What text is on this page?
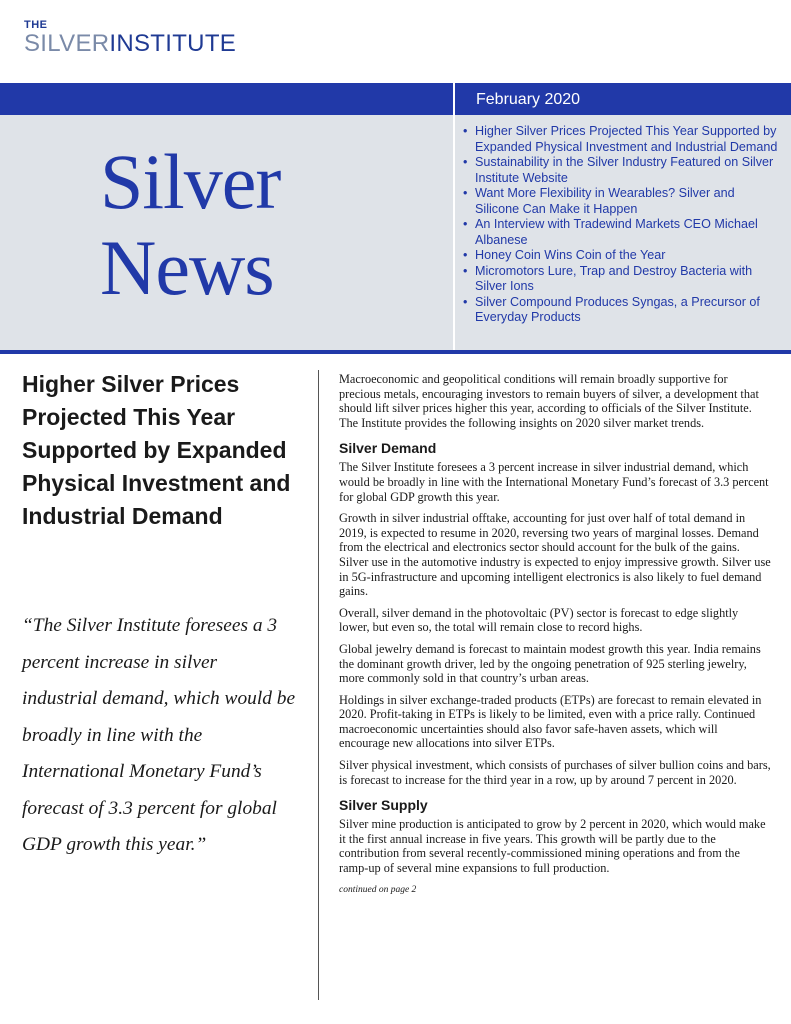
THE
SILVERINSTITUTE
February 2020
Silver
News
• Higher Silver Prices Projected This Year Supported by Expanded Physical Investment and Industrial Demand
• Sustainability in the Silver Industry Featured on Silver Institute Website
• Want More Flexibility in Wearables? Silver and Silicone Can Make it Happen
• An Interview with Tradewind Markets CEO Michael Albanese
• Honey Coin Wins Coin of the Year
• Micromotors Lure, Trap and Destroy Bacteria with Silver Ions
• Silver Compound Produces Syngas, a Precursor of Everyday Products
Higher Silver Prices Projected This Year Supported by Expanded Physical Investment and Industrial Demand
“The Silver Institute foresees a 3 percent increase in silver industrial demand, which would be broadly in line with the International Monetary Fund’s forecast of 3.3 percent for global GDP growth this year.”

Macroeconomic and geopolitical conditions will remain broadly supportive for precious metals, encouraging investors to remain buyers of silver, a development that should lift silver prices higher this year, according to officials of the Silver Institute. The Institute provides the following insights on 2020 silver market trends.

Silver Demand

The Silver Institute foresees a 3 percent increase in silver industrial demand, which would be broadly in line with the International Monetary Fund’s forecast of 3.3 percent for global GDP growth this year.

Growth in silver industrial offtake, accounting for just over half of total demand in 2019, is expected to resume in 2020, reversing two years of marginal losses. Demand from the electrical and electronics sector should account for the bulk of the gains. Silver use in the automotive industry is expected to enjoy impressive growth. Silver use in 5G-infrastructure and upcoming intelligent electronics is also likely to fuel demand gains.

Overall, silver demand in the photovoltaic (PV) sector is forecast to edge slightly lower, but even so, the total will remain close to record highs.

Global jewelry demand is forecast to maintain modest growth this year. India remains the dominant growth driver, led by the ongoing penetration of 925 sterling jewelry, more commonly sold in that country’s urban areas.

Holdings in silver exchange-traded products (ETPs) are forecast to remain elevated in 2020. Profit-taking in ETPs is likely to be limited, even with a price rally. Continued macroeconomic uncertainties should also favor safe-haven assets, which will encourage new allocations into silver ETPs.

Silver physical investment, which consists of purchases of silver bullion coins and bars, is forecast to increase for the third year in a row, up by around 7 percent in 2020.

Silver Supply

Silver mine production is anticipated to grow by 2 percent in 2020, which would make it the first annual increase in five years. This growth will be partly due to the contribution from several recently-commissioned mining operations and from the ramp-up of several mine expansions to full production.

continued on page 2
